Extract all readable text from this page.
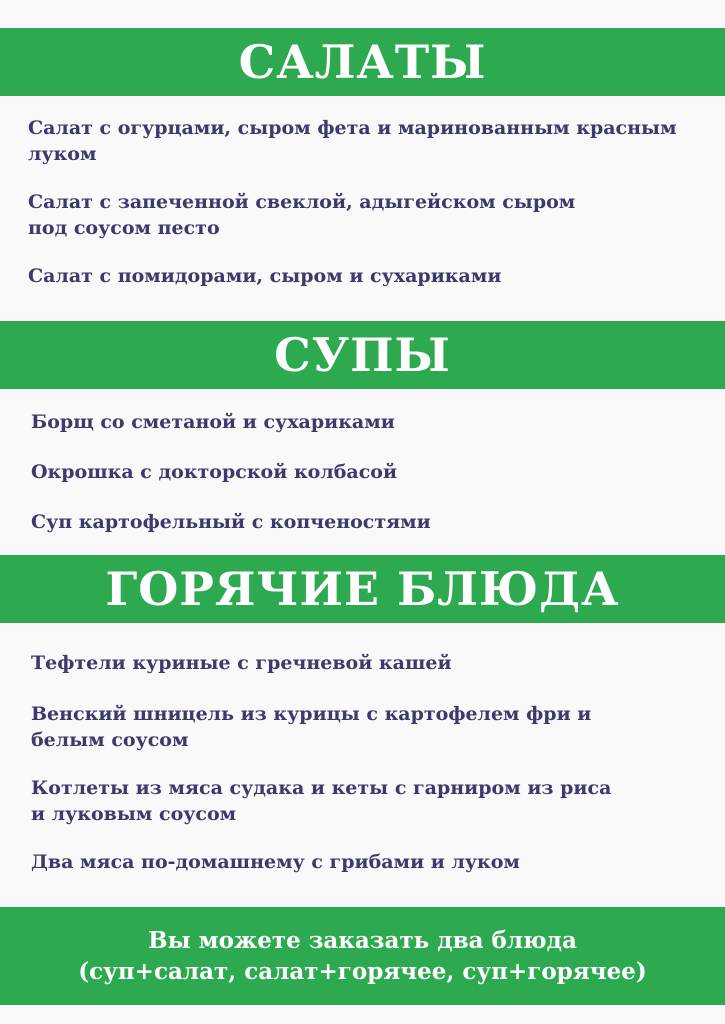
САЛАТЫ
Салат с огурцами, сыром фета и маринованным красным
луком
Салат с запеченной свеклой, адыгейском сыром
под соусом песто
Салат с помидорами, сыром и сухариками
СУПЫ
Борщ со сметаной и сухариками
Окрошка с докторской колбасой
Суп картофельный с копченостями
ГОРЯЧИЕ БЛЮДА
Тефтели куриные с гречневой кашей
Венский шницель из курицы с картофелем фри и
белым соусом
Котлеты из мяса судака и кеты с гарниром из риса
и луковым соусом
Два мяса по-домашнему с грибами и луком
Вы можете заказать два блюда
(суп+салат, салат+горячее, суп+горячее)
